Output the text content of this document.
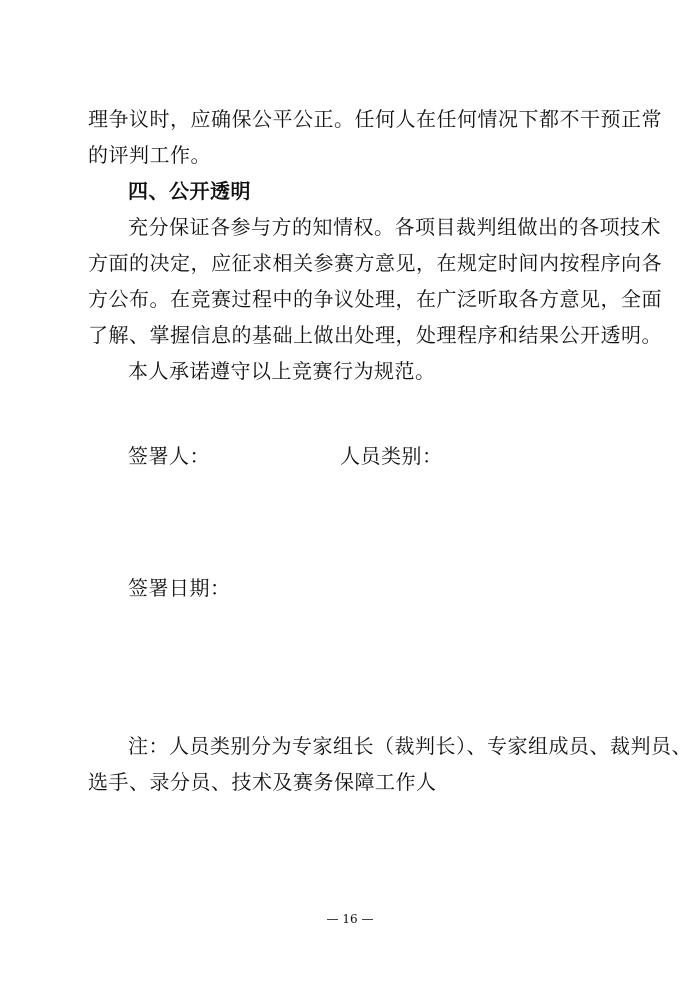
理争议时，应确保公平公正。任何人在任何情况下都不干预正常
的评判工作。
四、公开透明
充分保证各参与方的知情权。各项目裁判组做出的各项技术
方面的决定，应征求相关参赛方意见，在规定时间内按程序向各
方公布。在竞赛过程中的争议处理，在广泛听取各方意见，全面
了解、掌握信息的基础上做出处理，处理程序和结果公开透明。
本人承诺遵守以上竞赛行为规范。
签署人：	人员类别：
签署日期：
注：人员类别分为专家组长（裁判长）、专家组成员、裁判员、
选手、录分员、技术及赛务保障工作人
— 16 —
